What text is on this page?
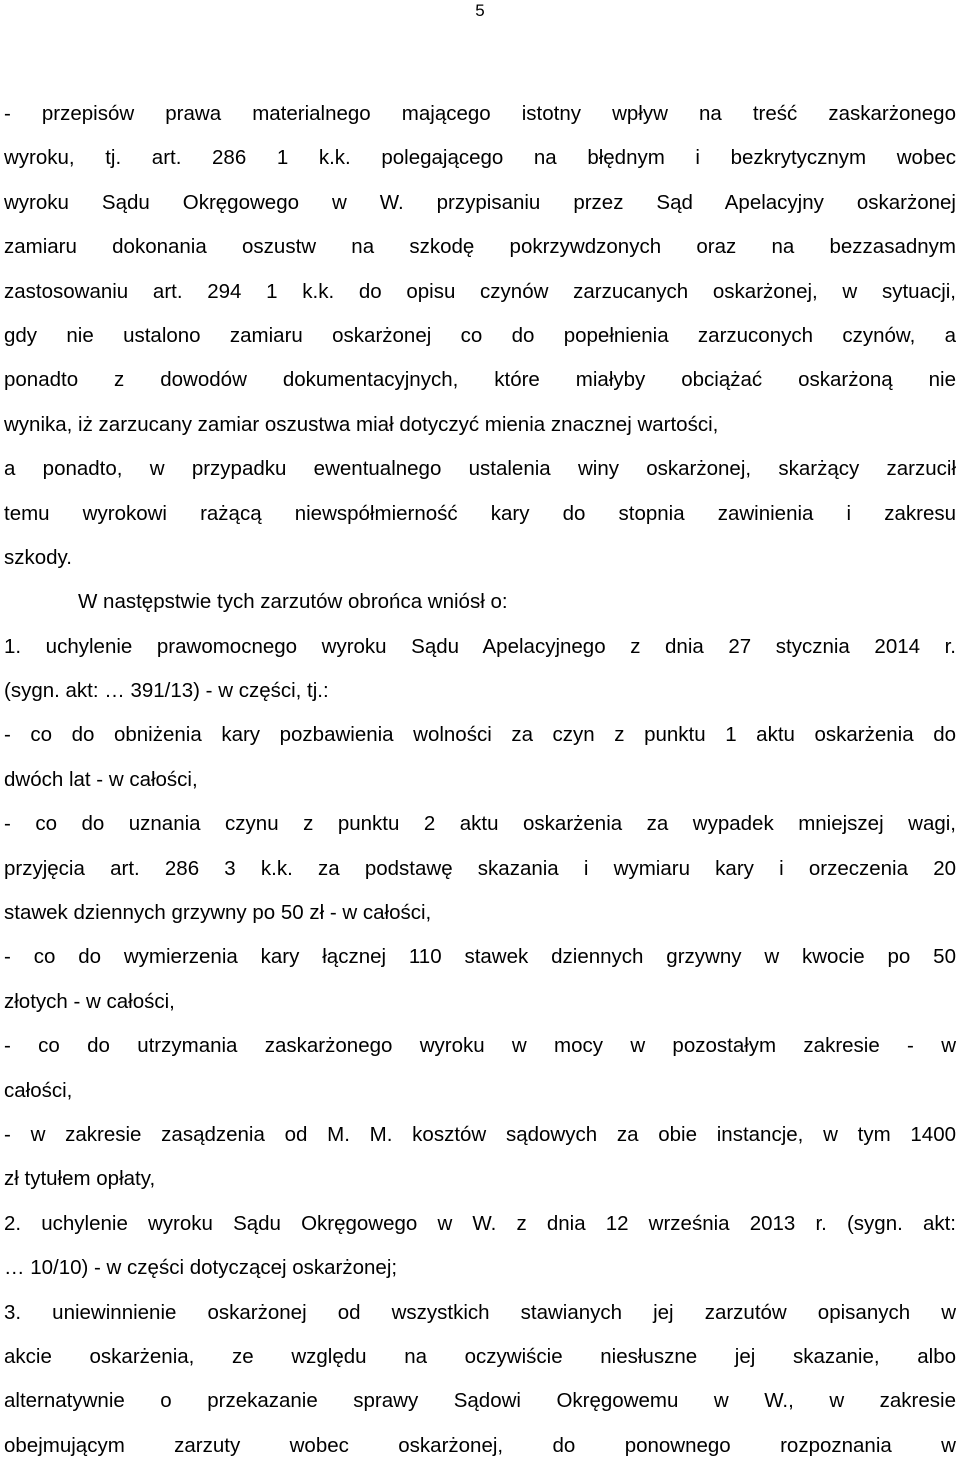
5
- przepisów prawa materialnego mającego istotny wpływ na treść zaskarżonego
wyroku, tj. art. 286 1 k.k. polegającego na błędnym i bezkrytycznym wobec
wyroku Sądu Okręgowego w W. przypisaniu przez Sąd Apelacyjny oskarżonej
zamiaru dokonania oszustw na szkodę pokrzywdzonych oraz na bezzasadnym
zastosowaniu art. 294 1 k.k. do opisu czynów zarzucanych oskarżonej, w sytuacji,
gdy nie ustalono zamiaru oskarżonej co do popełnienia zarzuconych czynów, a
ponadto z dowodów dokumentacyjnych, które miałyby obciążać oskarżoną nie
wynika, iż zarzucany zamiar oszustwa miał dotyczyć mienia znacznej wartości,
a ponadto, w przypadku ewentualnego ustalenia winy oskarżonej, skarżący zarzucił
temu wyrokowi rażącą niewspółmierność kary do stopnia zawinienia i zakresu
szkody.
W następstwie tych zarzutów obrońca wniósł o:
1. uchylenie prawomocnego wyroku Sądu Apelacyjnego z dnia 27 stycznia 2014 r.
(sygn. akt: … 391/13) - w części, tj.:
- co do obniżenia kary pozbawienia wolności za czyn z punktu 1 aktu oskarżenia do
dwóch lat - w całości,
- co do uznania czynu z punktu 2 aktu oskarżenia za wypadek mniejszej wagi,
przyjęcia art. 286 3 k.k. za podstawę skazania i wymiaru kary i orzeczenia 20
stawek dziennych grzywny po 50 zł - w całości,
- co do wymierzenia kary łącznej 110 stawek dziennych grzywny w kwocie po 50
złotych - w całości,
- co do utrzymania zaskarżonego wyroku w mocy w pozostałym zakresie - w
całości,
- w zakresie zasądzenia od M. M. kosztów sądowych za obie instancje, w tym 1400
zł tytułem opłaty,
2. uchylenie wyroku Sądu Okręgowego w W. z dnia 12 września 2013 r. (sygn. akt:
… 10/10) - w części dotyczącej oskarżonej;
3. uniewinnienie oskarżonej od wszystkich stawianych jej zarzutów opisanych w
akcie oskarżenia, ze względu na oczywiście niesłuszne jej skazanie, albo
alternatywnie o przekazanie sprawy Sądowi Okręgowemu w W., w zakresie
obejmującym zarzuty wobec oskarżonej, do ponownego rozpoznania w
